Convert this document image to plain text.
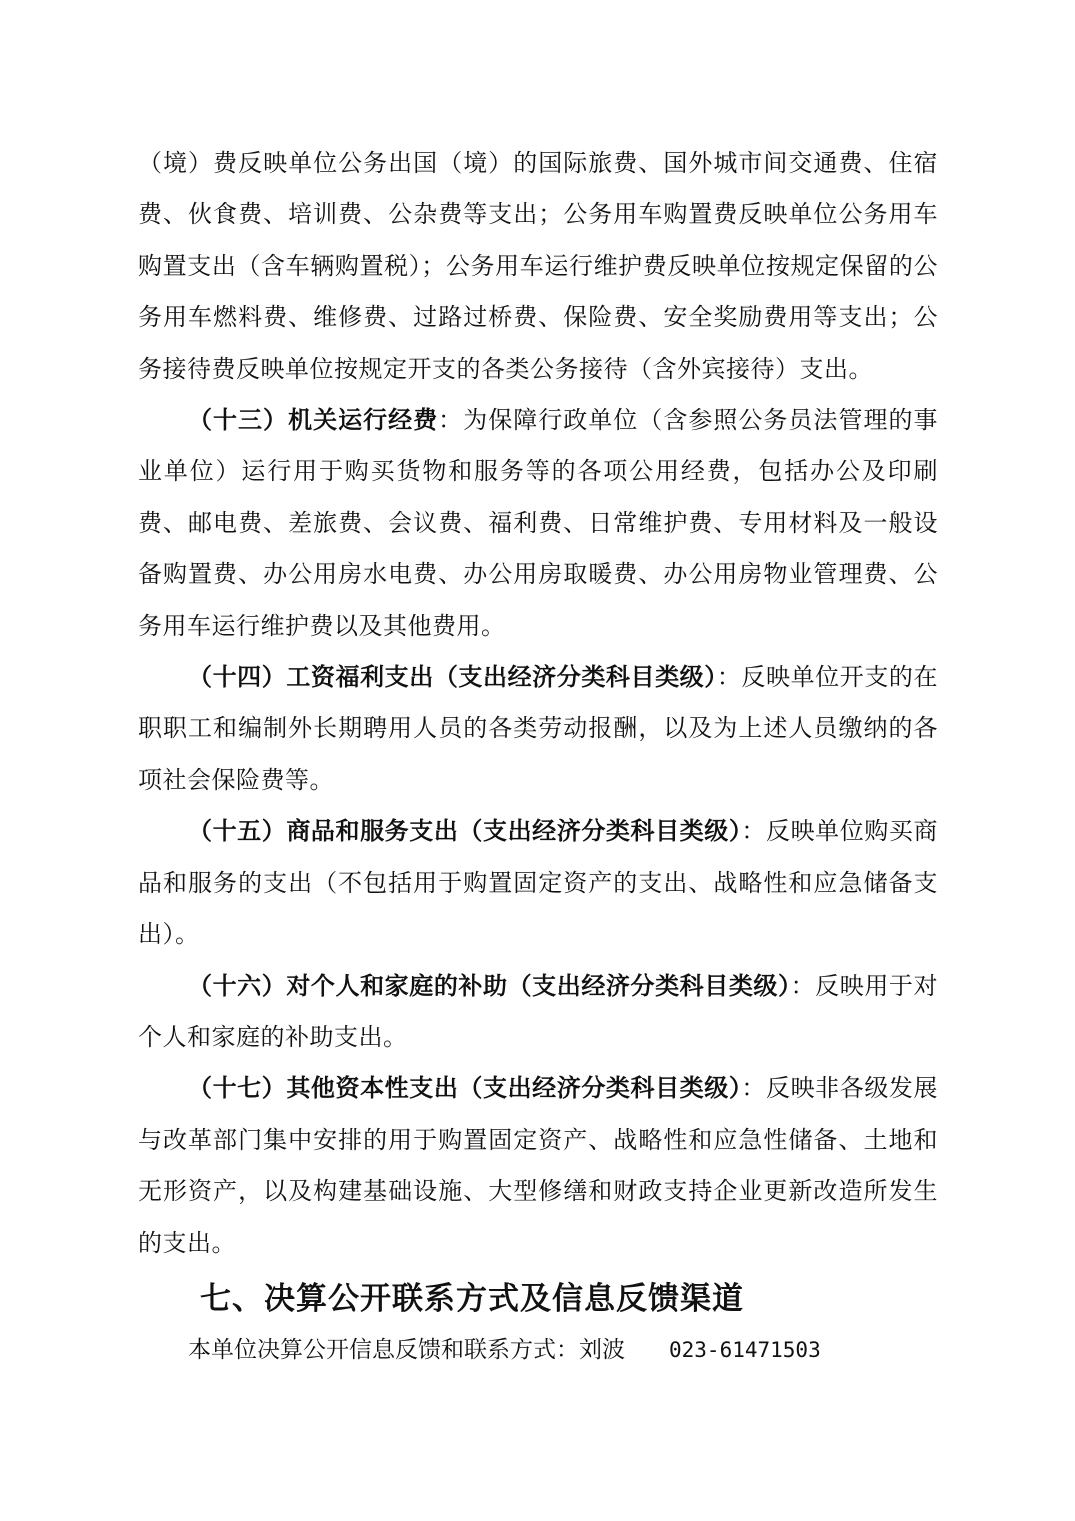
（境）费反映单位公务出国（境）的国际旅费、国外城市间交通费、住宿费、伙食费、培训费、公杂费等支出；公务用车购置费反映单位公务用车购置支出（含车辆购置税）；公务用车运行维护费反映单位按规定保留的公务用车燃料费、维修费、过路过桥费、保险费、安全奖励费用等支出；公务接待费反映单位按规定开支的各类公务接待（含外宾接待）支出。

（十三）机关运行经费：为保障行政单位（含参照公务员法管理的事业单位）运行用于购买货物和服务等的各项公用经费，包括办公及印刷费、邮电费、差旅费、会议费、福利费、日常维护费、专用材料及一般设备购置费、办公用房水电费、办公用房取暖费、办公用房物业管理费、公务用车运行维护费以及其他费用。

（十四）工资福利支出（支出经济分类科目类级）：反映单位开支的在职职工和编制外长期聘用人员的各类劳动报酬，以及为上述人员缴纳的各项社会保险费等。

（十五）商品和服务支出（支出经济分类科目类级）：反映单位购买商品和服务的支出（不包括用于购置固定资产的支出、战略性和应急储备支出）。

（十六）对个人和家庭的补助（支出经济分类科目类级）：反映用于对个人和家庭的补助支出。

（十七）其他资本性支出（支出经济分类科目类级）：反映非各级发展与改革部门集中安排的用于购置固定资产、战略性和应急性储备、土地和无形资产，以及构建基础设施、大型修缮和财政支持企业更新改造所发生的支出。

七、决算公开联系方式及信息反馈渠道

本单位决算公开信息反馈和联系方式：刘波 023-61471503
